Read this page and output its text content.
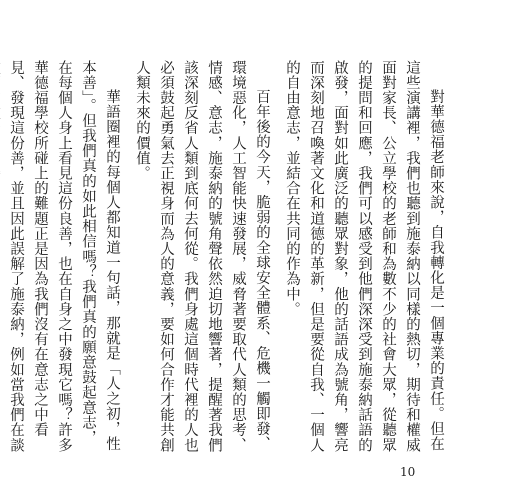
對華德福老師來說，自我轉化是一個專業的責任。但在這些演講裡，我們也聽到施泰納以同樣的熱切，期待和權威面對家長、公立學校的老師和為數不少的社會大眾，從聽眾的提問和回應，我們可以感受到他們深深受到施泰納話語的啟發，面對如此廣泛的聽眾對象，他的話語成為號角，響亮而深刻地召喚著文化和道德的革新，但是要從自我、一個人的自由意志，並結合在共同的作為中。

百年後的今天，脆弱的全球安全體系、危機一觸即發、環境惡化，人工智能快速發展，威脅著要取代人類的思考、情感、意志，施泰納的號角聲依然迫切地響著，提醒著我們該深刻反省人類到底何去何從。我們身處這個時代裡的人也必須鼓起勇氣去正視身而為人的意義，要如何合作才能共創人類未來的價值。

華語圈裡的每個人都知道一句話，那就是「人之初，性本善」。但我們真的如此相信嗎？我們真的願意鼓起意志，在每個人身上看見這份良善，也在自身之中發現它嗎？許多華德福學校所碰上的難題正是因為我們沒有在意志之中看見、發現這份善，並且因此誤解了施泰納，例如當我們在談

10
